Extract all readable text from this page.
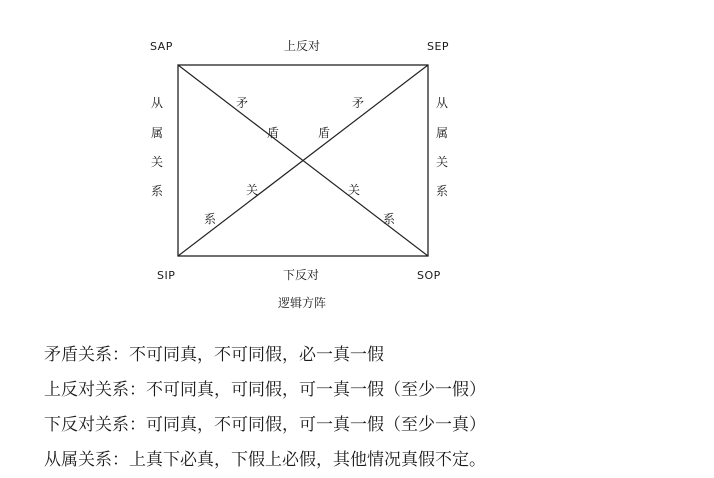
SAP	SEP
SIP	SOP
上反对
下反对
逻辑方阵
从
属
关
系
从
属
关
系
矛
盾
关
系
矛
盾
关
系
矛盾关系：不可同真，不可同假，必一真一假
上反对关系：不可同真，可同假，可一真一假（至少一假）
下反对关系：可同真，不可同假，可一真一假（至少一真）
从属关系：上真下必真，下假上必假，其他情况真假不定。
